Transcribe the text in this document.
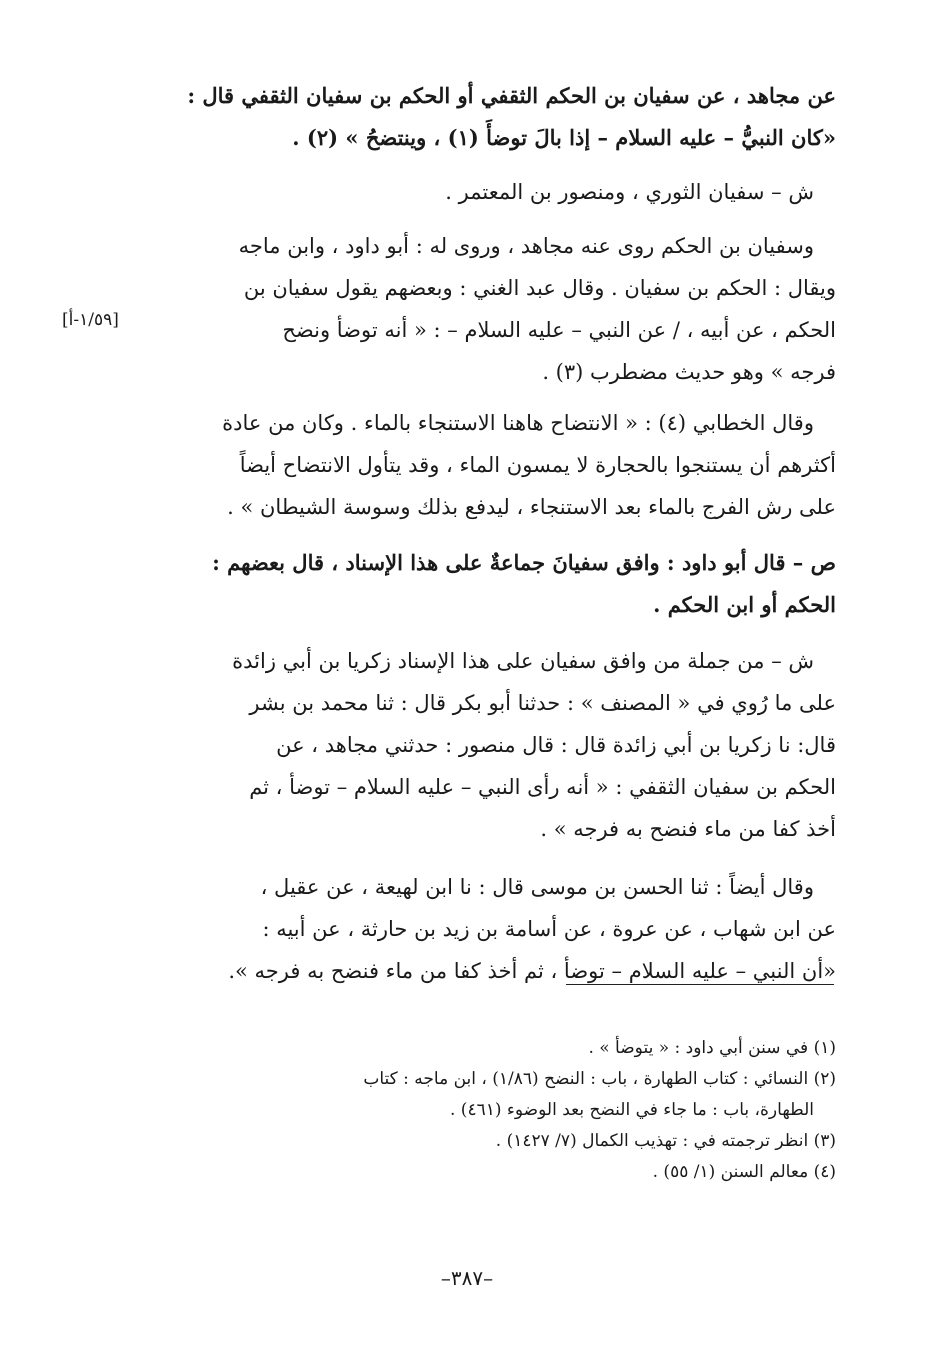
عن مجاهد ، عن سفيان بن الحكم الثقفي أو الحكم بن سفيان الثقفي قال :
«كان النبيُّ – عليه السلام – إذا بالَ توضأَ (١) ، وينتضحُ » (٢) .
ش – سفيان الثوري ، ومنصور بن المعتمر .
وسفيان بن الحكم روى عنه مجاهد ، وروى له : أبو داود ، وابن ماجه
ويقال : الحكم بن سفيان . وقال عبد الغني : وبعضهم يقول سفيان بن
الحكم ، عن أبيه ، / عن النبي – عليه السلام – : « أنه توضأ ونضح
فرجه » وهو حديث مضطرب (٣) .
وقال الخطابي (٤) : « الانتضاح هاهنا الاستنجاء بالماء . وكان من عادة
أكثرهم أن يستنجوا بالحجارة لا يمسون الماء ، وقد يتأول الانتضاح أيضاً
على رش الفرج بالماء بعد الاستنجاء ، ليدفع بذلك وسوسة الشيطان » .
ص – قال أبو داود : وافق سفيانَ جماعةٌ على هذا الإسناد ، قال بعضهم :
الحكم أو ابن الحكم .
ش – من جملة من وافق سفيان على هذا الإسناد زكريا بن أبي زائدة
على ما رُوي في « المصنف » : حدثنا أبو بكر قال : ثنا محمد بن بشر
قال: نا زكريا بن أبي زائدة قال : قال منصور : حدثني مجاهد ، عن
الحكم بن سفيان الثقفي : « أنه رأى النبي – عليه السلام – توضأ ، ثم
أخذ كفا من ماء فنضح به فرجه » .
وقال أيضاً : ثنا الحسن بن موسى قال : نا ابن لهيعة ، عن عقيل ،
عن ابن شهاب ، عن عروة ، عن أسامة بن زيد بن حارثة ، عن أبيه :
«أن النبي – عليه السلام – توضأ ، ثم أخذ كفا من ماء فنضح به فرجه ».
[١/٥٩-أ]
(١) في سنن أبي داود : « يتوضأ » .
(٢) النسائي : كتاب الطهارة ، باب : النضح (١/٨٦) ، ابن ماجه : كتاب
الطهارة، باب : ما جاء في النضح بعد الوضوء (٤٦١) .
(٣) انظر ترجمته في : تهذيب الكمال (٧/ ١٤٢٧) .
(٤) معالم السنن (١/ ٥٥) .
–٣٨٧–
